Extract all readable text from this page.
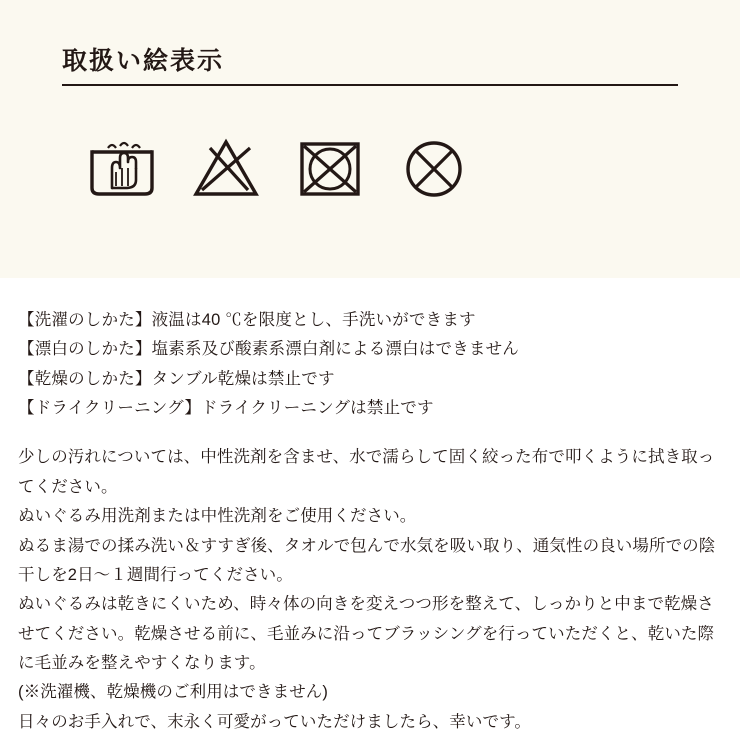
取扱い絵表示
【洗濯のしかた】液温は40 ℃を限度とし、手洗いができます
【漂白のしかた】塩素系及び酸素系漂白剤による漂白はできません
【乾燥のしかた】タンブル乾燥は禁止です
【ドライクリーニング】ドライクリーニングは禁止です

少しの汚れについては、中性洗剤を含ませ、水で濡らして固く絞った布で叩くように拭き取ってください。

ぬいぐるみ用洗剤または中性洗剤をご使用ください。

ぬるま湯での揉み洗い＆すすぎ後、タオルで包んで水気を吸い取り、通気性の良い場所での陰干しを2日〜１週間行ってください。

ぬいぐるみは乾きにくいため、時々体の向きを変えつつ形を整えて、しっかりと中まで乾燥させてください。乾燥させる前に、毛並みに沿ってブラッシングを行っていただくと、乾いた際に毛並みを整えやすくなります。

(※洗濯機、乾燥機のご利用はできません)

日々のお手入れで、末永く可愛がっていただけましたら、幸いです。
